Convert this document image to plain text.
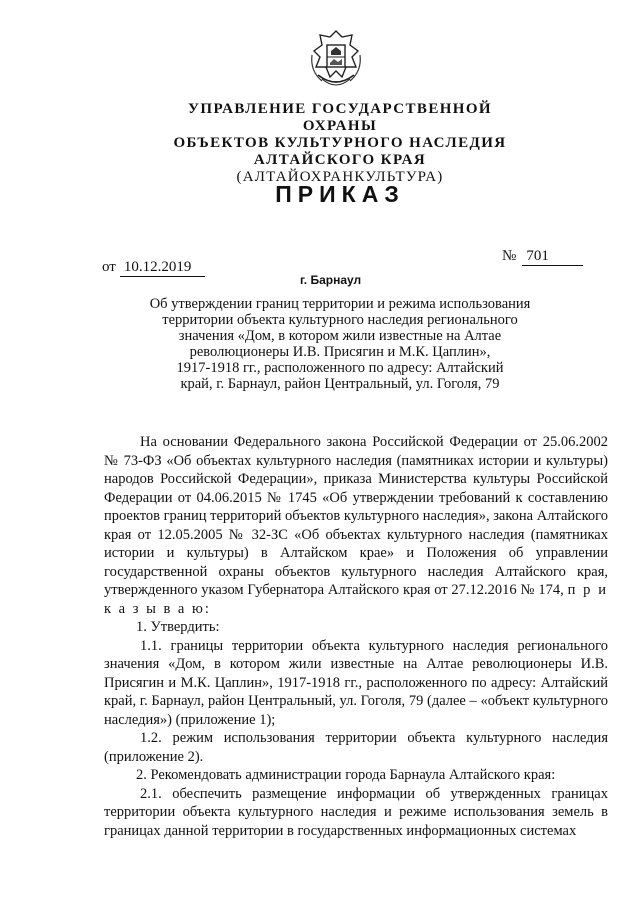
УПРАВЛЕНИЕ ГОСУДАРСТВЕННОЙ ОХРАНЫ
ОБЪЕКТОВ КУЛЬТУРНОГО НАСЛЕДИЯ
АЛТАЙСКОГО КРАЯ
(АЛТАЙОХРАНКУЛЬТУРА)
ПРИКАЗ
от 10.12.2019
№ 701
г. Барнаул
Об утверждении границ территории и режима использования
территории объекта культурного наследия регионального
значения «Дом, в котором жили известные на Алтае
революционеры И.В. Присягин и М.К. Цаплин»,
1917-1918 гг., расположенного по адресу: Алтайский
край, г. Барнаул, район Центральный, ул. Гоголя, 79

На основании Федерального закона Российской Федерации от 25.06.2002 № 73-ФЗ «Об объектах культурного наследия (памятниках истории и культуры) народов Российской Федерации», приказа Министерства культуры Российской Федерации от 04.06.2015 № 1745 «Об утверждении требований к составлению проектов границ территорий объектов культурного наследия», закона Алтайского края от 12.05.2005 № 32-ЗС «Об объектах культурного наследия (памятниках истории и культуры) в Алтайском крае» и Положения об управлении государственной охраны объектов культурного наследия Алтайского края, утвержденного указом Губернатора Алтайского края от 27.12.2016 № 174, п р и к а з ы в а ю:

1. Утвердить:

1.1. границы территории объекта культурного наследия регионального значения «Дом, в котором жили известные на Алтае революционеры И.В. Присягин и М.К. Цаплин», 1917-1918 гг., расположенного по адресу: Алтайский край, г. Барнаул, район Центральный, ул. Гоголя, 79 (далее – «объект культурного наследия») (приложение 1);

1.2. режим использования территории объекта культурного наследия (приложение 2).

2. Рекомендовать администрации города Барнаула Алтайского края:

2.1. обеспечить размещение информации об утвержденных границах территории объекта культурного наследия и режиме использования земель в границах данной территории в государственных информационных системах
